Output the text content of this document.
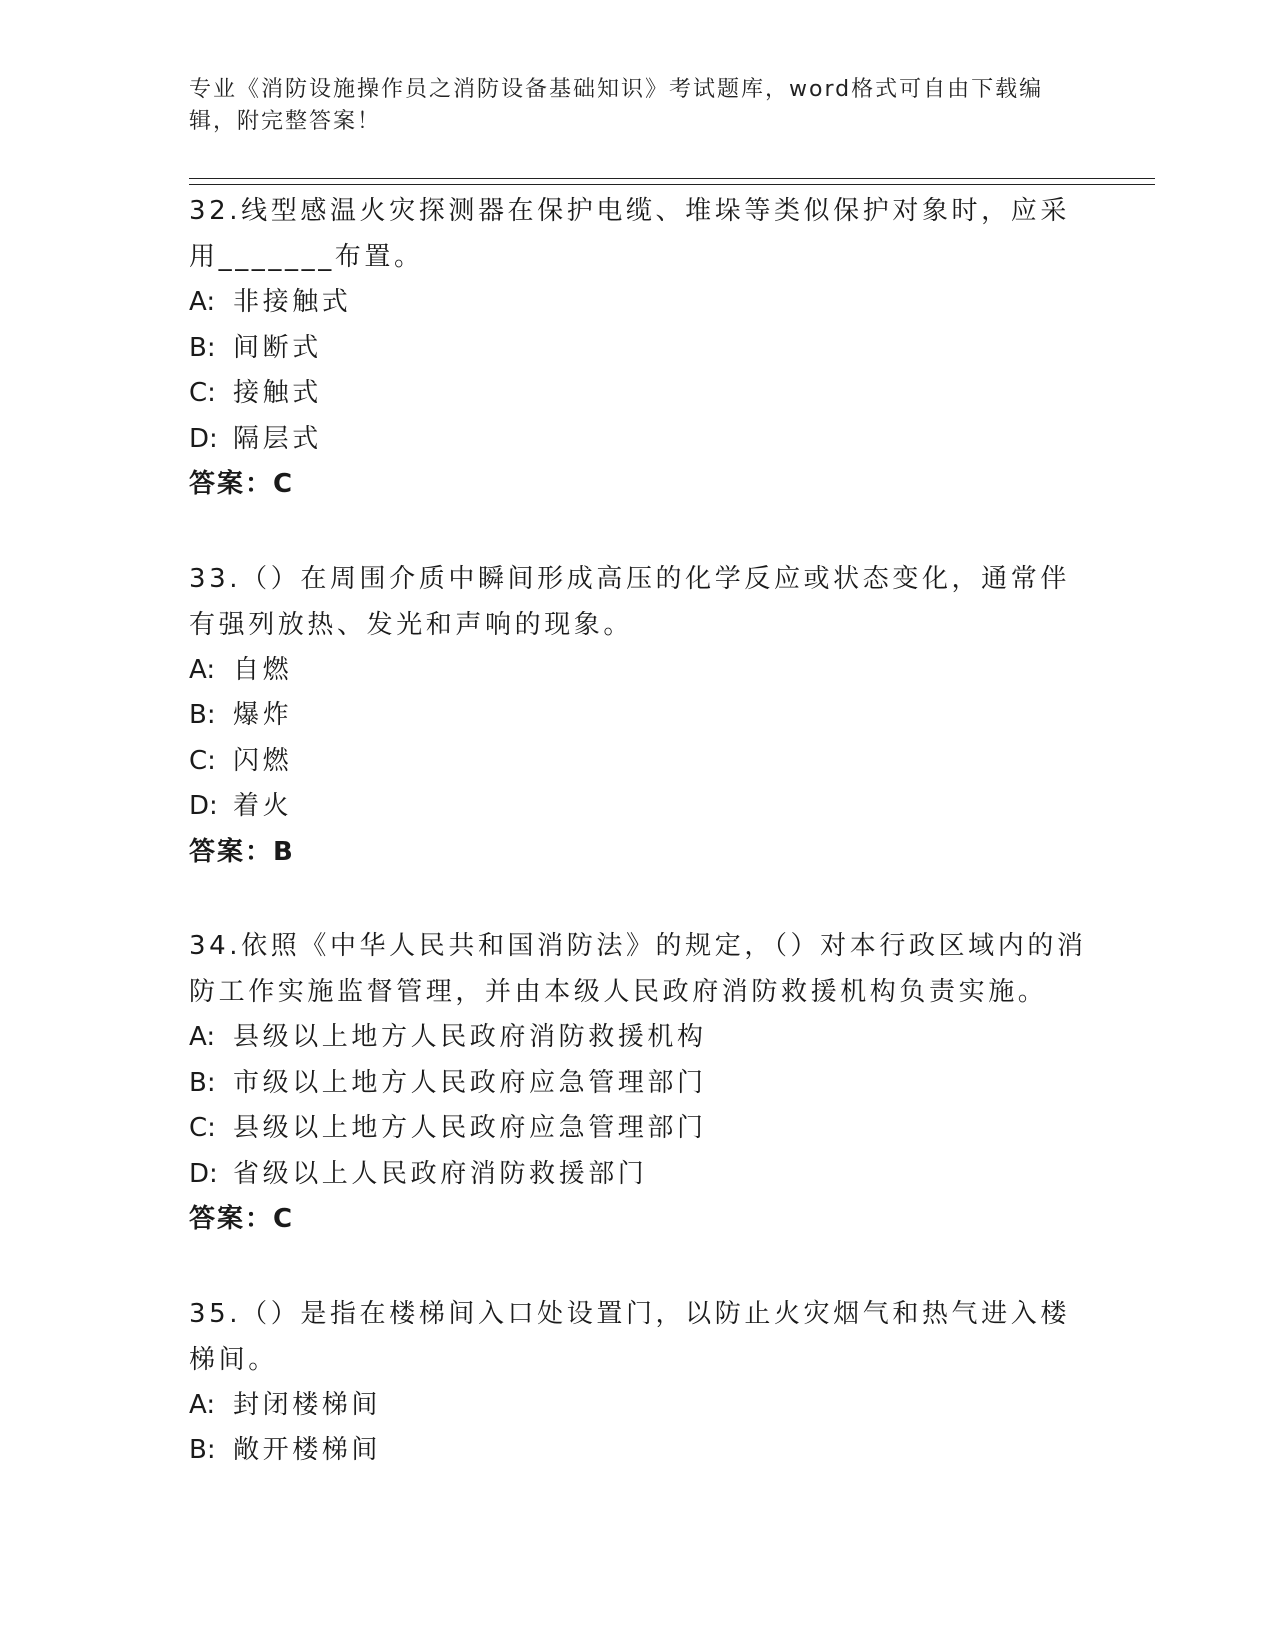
专业《消防设施操作员之消防设备基础知识》考试题库，word格式可自由下载编辑，附完整答案！

32.线型感温火灾探测器在保护电缆、堆垛等类似保护对象时，应采用_______布置。

A: 非接触式

B: 间断式

C: 接触式

D: 隔层式

答案：C

33.（）在周围介质中瞬间形成高压的化学反应或状态变化，通常伴有强列放热、发光和声响的现象。

A: 自燃

B: 爆炸

C: 闪燃

D: 着火

答案：B

34.依照《中华人民共和国消防法》的规定，（）对本行政区域内的消防工作实施监督管理，并由本级人民政府消防救援机构负责实施。

A: 县级以上地方人民政府消防救援机构

B: 市级以上地方人民政府应急管理部门

C: 县级以上地方人民政府应急管理部门

D: 省级以上人民政府消防救援部门

答案：C

35.（）是指在楼梯间入口处设置门，以防止火灾烟气和热气进入楼梯间。

A: 封闭楼梯间

B: 敞开楼梯间
